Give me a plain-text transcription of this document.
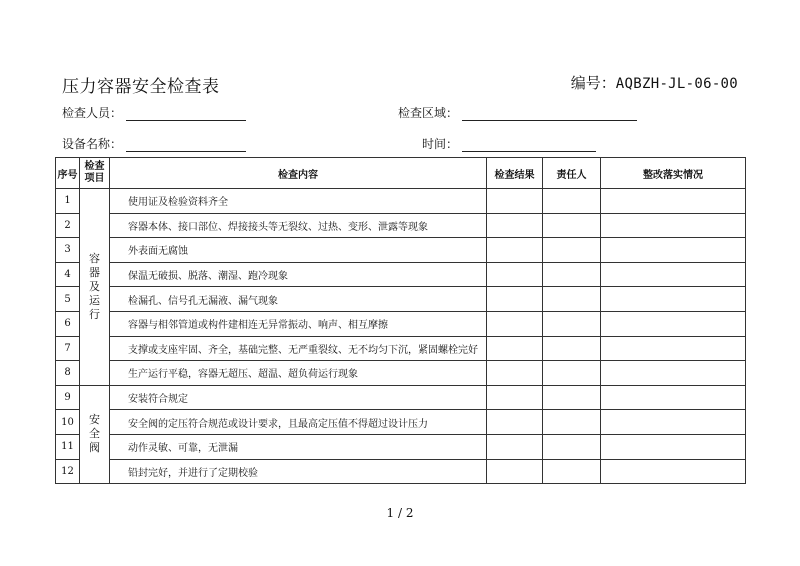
压力容器安全检查表	编号：AQBZH-JL-06-00
检查人员：	检查区域：
设备名称：	时间：
序号	检查项目	检查内容	检查结果	责任人	整改落实情况
1	容器及运行	使用证及检验资料齐全			
2		容器本体、接口部位、焊接接头等无裂纹、过热、变形、泄露等现象			
3		外表面无腐蚀			
4		保温无破损、脱落、潮湿、跑冷现象			
5		检漏孔、信号孔无漏液、漏气现象			
6		容器与相邻管道或构件建相连无异常振动、响声、相互摩擦			
7		支撑或支座牢固、齐全，基础完整、无严重裂纹、无不均匀下沉，紧固螺栓完好			
8		生产运行平稳，容器无超压、超温、超负荷运行现象			
9	安全阀	安装符合规定			
10		安全阀的定压符合规范或设计要求，且最高定压值不得超过设计压力			
11		动作灵敏、可靠，无泄漏			
12		铅封完好，并进行了定期校验			
1 / 2
